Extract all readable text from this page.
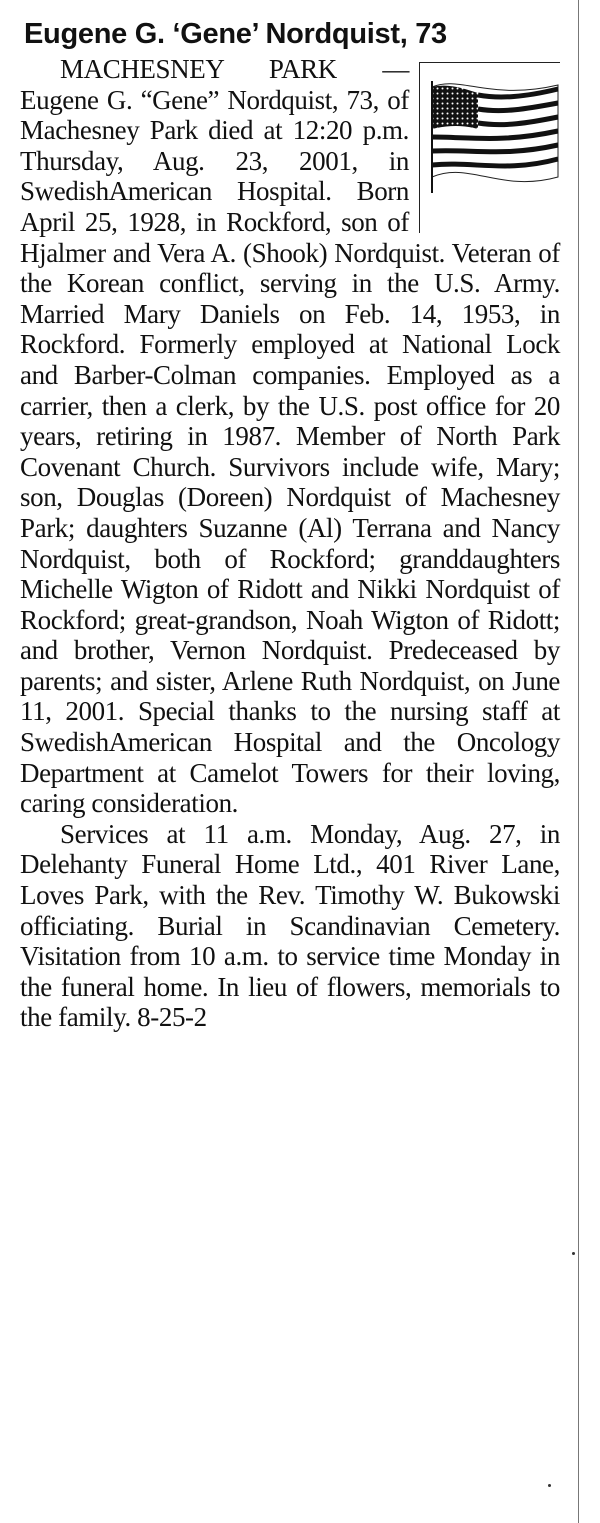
Eugene G. ‘Gene’ Nordquist, 73

MACHESNEY PARK — Eugene G. “Gene” Nordquist, 73, of Machesney Park died at 12:20 p.m. Thursday, Aug. 23, 2001, in SwedishAmerican Hospital. Born April 25, 1928, in Rockford, son of Hjalmer and Vera A. (Shook) Nordquist. Veteran of the Korean conflict, serving in the U.S. Army. Married Mary Daniels on Feb. 14, 1953, in Rockford. Formerly employed at National Lock and Barber-Colman companies. Employed as a carrier, then a clerk, by the U.S. post office for 20 years, retiring in 1987. Member of North Park Covenant Church. Survivors include wife, Mary; son, Douglas (Doreen) Nordquist of Machesney Park; daughters Suzanne (Al) Terrana and Nancy Nordquist, both of Rockford; granddaughters Michelle Wigton of Ridott and Nikki Nordquist of Rockford; great-grandson, Noah Wigton of Ridott; and brother, Vernon Nordquist. Predeceased by parents; and sister, Arlene Ruth Nordquist, on June 11, 2001. Special thanks to the nursing staff at SwedishAmerican Hospital and the Oncology Department at Camelot Towers for their loving, caring consideration.

Services at 11 a.m. Monday, Aug. 27, in Delehanty Funeral Home Ltd., 401 River Lane, Loves Park, with the Rev. Timothy W. Bukowski officiating. Burial in Scandinavian Cemetery. Visitation from 10 a.m. to service time Monday in the funeral home. In lieu of flowers, memorials to the family. 8-25-2
